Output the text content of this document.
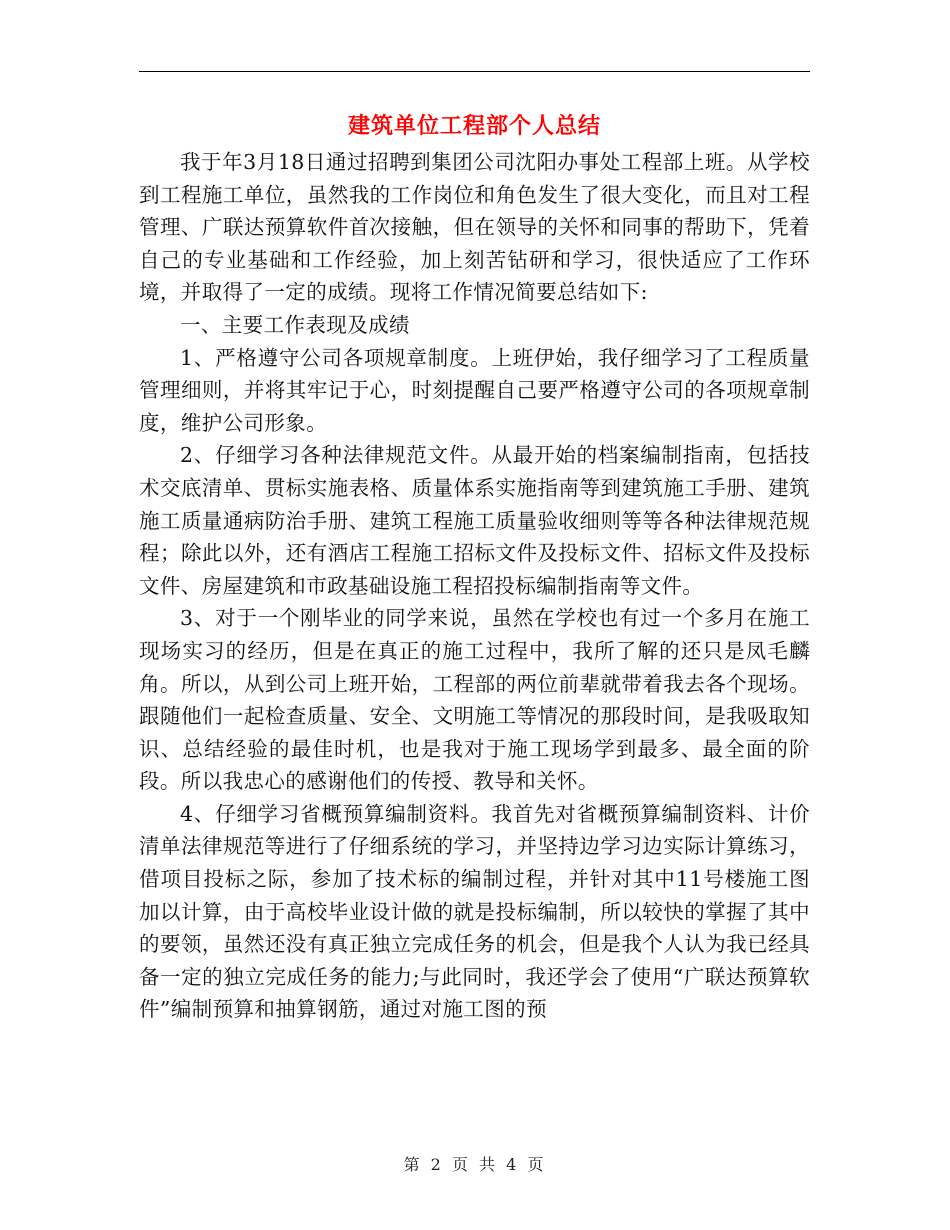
建筑单位工程部个人总结

我于年3月18日通过招聘到集团公司沈阳办事处工程部上班。从学校到工程施工单位，虽然我的工作岗位和角色发生了很大变化，而且对工程管理、广联达预算软件首次接触，但在领导的关怀和同事的帮助下，凭着自己的专业基础和工作经验，加上刻苦钻研和学习，很快适应了工作环境，并取得了一定的成绩。现将工作情况简要总结如下:

一、主要工作表现及成绩

1、严格遵守公司各项规章制度。上班伊始，我仔细学习了工程质量管理细则，并将其牢记于心，时刻提醒自己要严格遵守公司的各项规章制度，维护公司形象。

2、仔细学习各种法律规范文件。从最开始的档案编制指南，包括技术交底清单、贯标实施表格、质量体系实施指南等到建筑施工手册、建筑施工质量通病防治手册、建筑工程施工质量验收细则等等各种法律规范规程；除此以外，还有酒店工程施工招标文件及投标文件、招标文件及投标文件、房屋建筑和市政基础设施工程招投标编制指南等文件。

3、对于一个刚毕业的同学来说，虽然在学校也有过一个多月在施工现场实习的经历，但是在真正的施工过程中，我所了解的还只是凤毛麟角。所以，从到公司上班开始，工程部的两位前辈就带着我去各个现场。跟随他们一起检查质量、安全、文明施工等情况的那段时间，是我吸取知识、总结经验的最佳时机，也是我对于施工现场学到最多、最全面的阶段。所以我忠心的感谢他们的传授、教导和关怀。

4、仔细学习省概预算编制资料。我首先对省概预算编制资料、计价清单法律规范等进行了仔细系统的学习，并坚持边学习边实际计算练习，借项目投标之际，参加了技术标的编制过程，并针对其中11号楼施工图加以计算，由于高校毕业设计做的就是投标编制，所以较快的掌握了其中的要领，虽然还没有真正独立完成任务的机会，但是我个人认为我已经具备一定的独立完成任务的能力;与此同时，我还学会了使用“广联达预算软件”编制预算和抽算钢筋，通过对施工图的预

第 2 页 共 4 页
